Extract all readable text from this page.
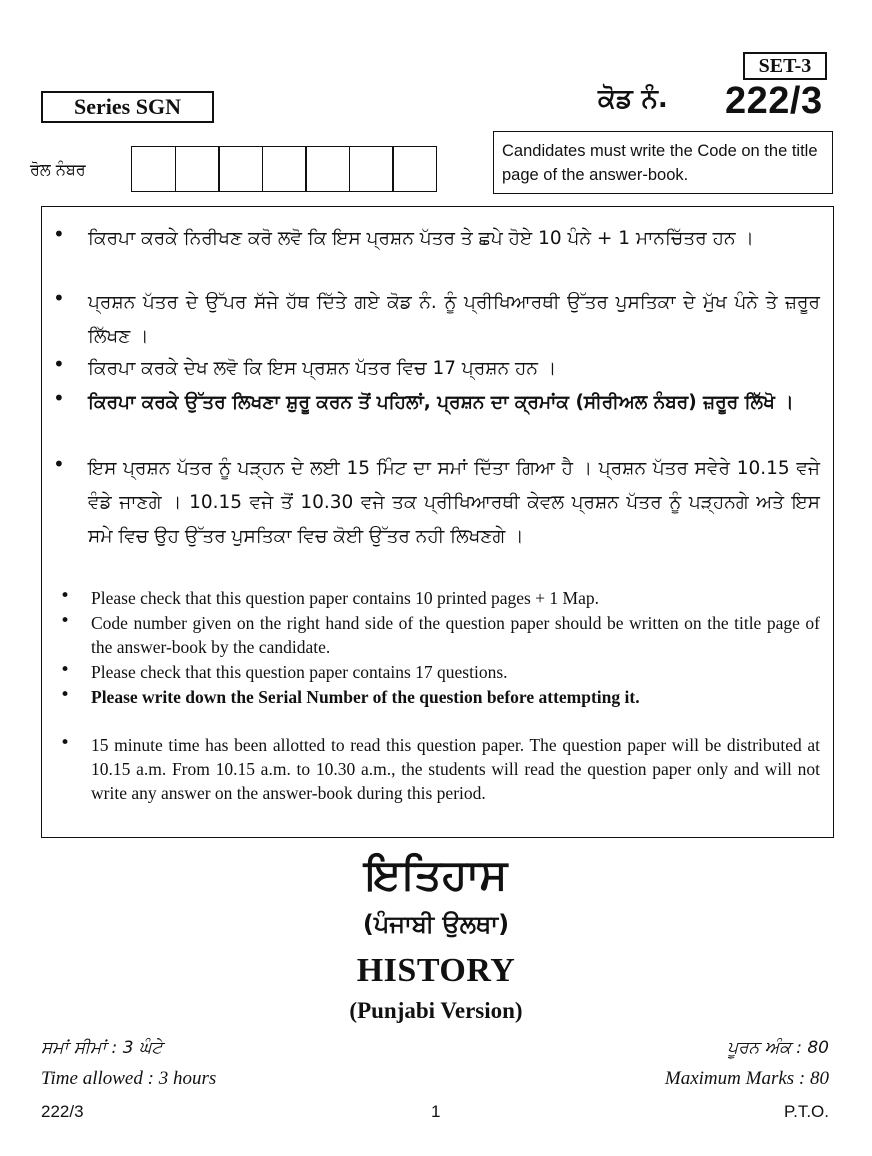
SET-3
Series SGN	ਕੋਡ ਨੰ. 222/3
ਰੋਲ ਨੰਬਰ
Candidates must write the Code on the title page of the answer-book.
• ਕਿਰਪਾ ਕਰਕੇ ਨਿਰੀਖਣ ਕਰੋ ਲਵੋ ਕਿ ਇਸ ਪ੍ਰਸ਼ਨ ਪੱਤਰ ਤੇ ਛਪੇ ਹੋਏ 10 ਪੰਨੇ + 1 ਮਾਨਚਿੱਤਰ ਹਨ ।
• ਪ੍ਰਸ਼ਨ ਪੱਤਰ ਦੇ ਉੱਪਰ ਸੱਜੇ ਹੱਥ ਦਿੱਤੇ ਗਏ ਕੋਡ ਨੰ. ਨੂੰ ਪ੍ਰੀਖਿਆਰਥੀ ਉੱਤਰ ਪੁਸਤਿਕਾ ਦੇ ਮੁੱਖ ਪੰਨੇ ਤੇ ਜ਼ਰੂਰ ਲਿੱਖਣ ।
• ਕਿਰਪਾ ਕਰਕੇ ਦੇਖ ਲਵੋ ਕਿ ਇਸ ਪ੍ਰਸ਼ਨ ਪੱਤਰ ਵਿਚ 17 ਪ੍ਰਸ਼ਨ ਹਨ ।
• ਕਿਰਪਾ ਕਰਕੇ ਉੱਤਰ ਲਿਖਣਾ ਸ਼ੁਰੂ ਕਰਨ ਤੋਂ ਪਹਿਲਾਂ, ਪ੍ਰਸ਼ਨ ਦਾ ਕ੍ਰਮਾਂਕ (ਸੀਰੀਅਲ ਨੰਬਰ) ਜ਼ਰੂਰ ਲਿੱਖੋ ।
• ਇਸ ਪ੍ਰਸ਼ਨ ਪੱਤਰ ਨੂੰ ਪੜ੍ਹਨ ਦੇ ਲਈ 15 ਮਿੰਟ ਦਾ ਸਮਾਂ ਦਿੱਤਾ ਗਿਆ ਹੈ । ਪ੍ਰਸ਼ਨ ਪੱਤਰ ਸਵੇਰੇ 10.15 ਵਜੇ ਵੰਡੇ ਜਾਣਗੇ । 10.15 ਵਜੇ ਤੋਂ 10.30 ਵਜੇ ਤਕ ਪ੍ਰੀਖਿਆਰਥੀ ਕੇਵਲ ਪ੍ਰਸ਼ਨ ਪੱਤਰ ਨੂੰ ਪੜ੍ਹਨਗੇ ਅਤੇ ਇਸ ਸਮੇ ਵਿਚ ਉਹ ਉੱਤਰ ਪੁਸਤਿਕਾ ਵਿਚ ਕੋਈ ਉੱਤਰ ਨਹੀ ਲਿਖਣਗੇ ।
• Please check that this question paper contains 10 printed pages + 1 Map.
• Code number given on the right hand side of the question paper should be written on the title page of the answer-book by the candidate.
• Please check that this question paper contains 17 questions.
• Please write down the Serial Number of the question before attempting it.
• 15 minute time has been allotted to read this question paper. The question paper will be distributed at 10.15 a.m. From 10.15 a.m. to 10.30 a.m., the students will read the question paper only and will not write any answer on the answer-book during this period.
ਇਤਿਹਾਸ
(ਪੰਜਾਬੀ ਉਲਥਾ)
HISTORY
(Punjabi Version)
ਸਮਾਂ ਸੀਮਾਂ : 3 ਘੰਟੇ	ਪੂਰਨ ਅੰਕ : 80
Time allowed : 3 hours	Maximum Marks : 80
222/3	1	P.T.O.
